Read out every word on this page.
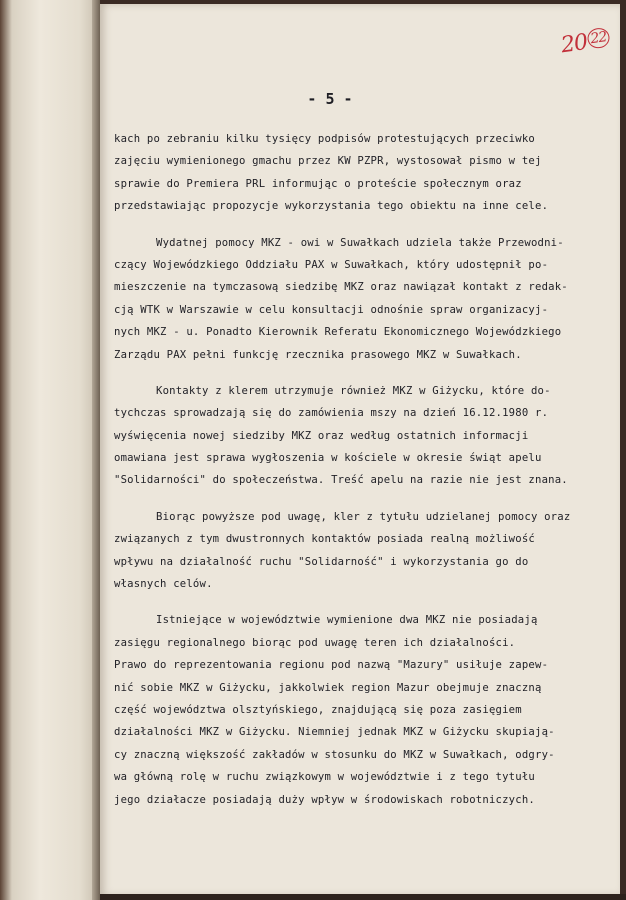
2022
- 5 -

kach po zebraniu kilku tysięcy podpisów protestujących przeciwko
zajęciu wymienionego gmachu przez KW PZPR, wystosował pismo w tej
sprawie do Premiera PRL informując o proteście społecznym oraz
przedstawiając propozycje wykorzystania tego obiektu na inne cele.

Wydatnej pomocy MKZ - owi w Suwałkach udziela także Przewodni-
czący Wojewódzkiego Oddziału PAX w Suwałkach, który udostępnił po-
mieszczenie na tymczasową siedzibę MKZ oraz nawiązał kontakt z redak-
cją WTK w Warszawie w celu konsultacji odnośnie spraw organizacyj-
nych MKZ - u. Ponadto Kierownik Referatu Ekonomicznego Wojewódzkiego
Zarządu PAX pełni funkcję rzecznika prasowego MKZ w Suwałkach.

Kontakty z klerem utrzymuje również MKZ w Giżycku, które do-
tychczas sprowadzają się do zamówienia mszy na dzień 16.12.1980 r.
wyświęcenia nowej siedziby MKZ oraz według ostatnich informacji
omawiana jest sprawa wygłoszenia w kościele w okresie świąt apelu
"Solidarności" do społeczeństwa. Treść apelu na razie nie jest znana.

Biorąc powyższe pod uwagę, kler z tytułu udzielanej pomocy oraz
związanych z tym dwustronnych kontaktów posiada realną możliwość
wpływu na działalność ruchu "Solidarność" i wykorzystania go do
własnych celów.

Istniejące w województwie wymienione dwa MKZ nie posiadają
zasięgu regionalnego biorąc pod uwagę teren ich działalności.
Prawo do reprezentowania regionu pod nazwą "Mazury" usiłuje zapew-
nić sobie MKZ w Giżycku, jakkolwiek region Mazur obejmuje znaczną
część województwa olsztyńskiego, znajdującą się poza zasięgiem
działalności MKZ w Giżycku. Niemniej jednak MKZ w Giżycku skupiają-
cy znaczną większość zakładów w stosunku do MKZ w Suwałkach, odgry-
wa główną rolę w ruchu związkowym w województwie i z tego tytułu
jego działacze posiadają duży wpływ w środowiskach robotniczych.
